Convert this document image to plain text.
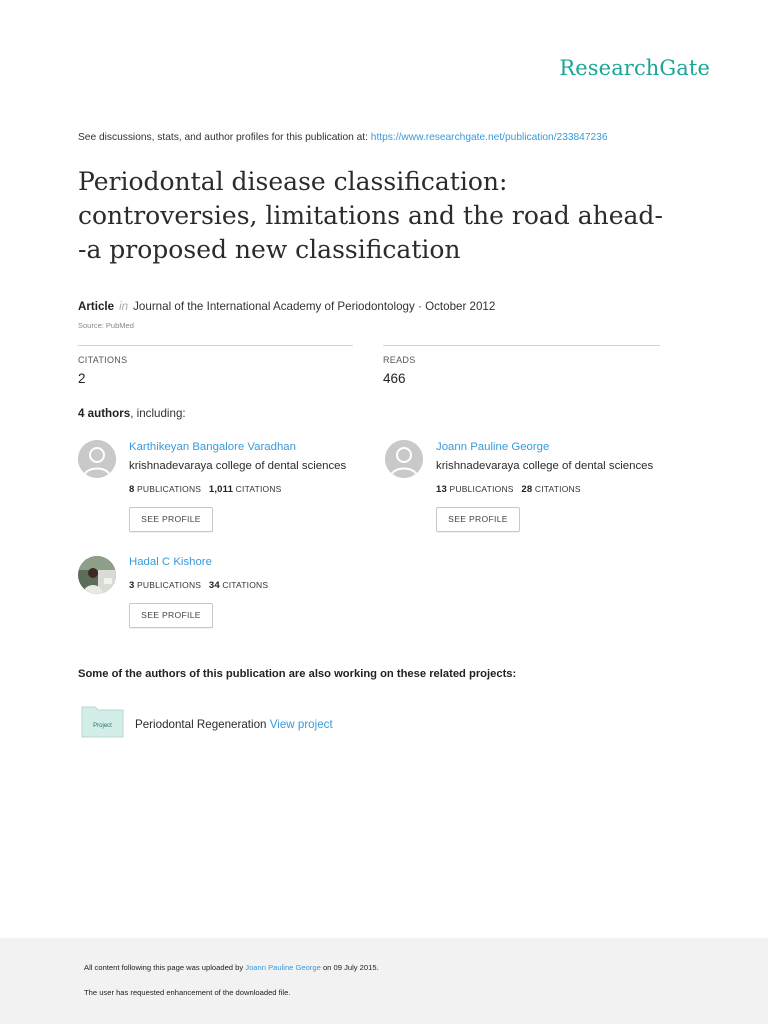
ResearchGate
See discussions, stats, and author profiles for this publication at: https://www.researchgate.net/publication/233847236
Periodontal disease classification:
controversies, limitations and the road ahead-
-a proposed new classification
Article in Journal of the International Academy of Periodontology · October 2012
Source: PubMed
CITATIONS
2
READS
466
4 authors, including:
Karthikeyan Bangalore Varadhan
krishnadevaraya college of dental sciences
8 PUBLICATIONS 1,011 CITATIONS
SEE PROFILE
Joann Pauline George
krishnadevaraya college of dental sciences
13 PUBLICATIONS 28 CITATIONS
SEE PROFILE
Hadal C Kishore
3 PUBLICATIONS 34 CITATIONS
SEE PROFILE
Some of the authors of this publication are also working on these related projects:
Project Periodontal Regeneration View project
All content following this page was uploaded by Joann Pauline George on 09 July 2015.
The user has requested enhancement of the downloaded file.
